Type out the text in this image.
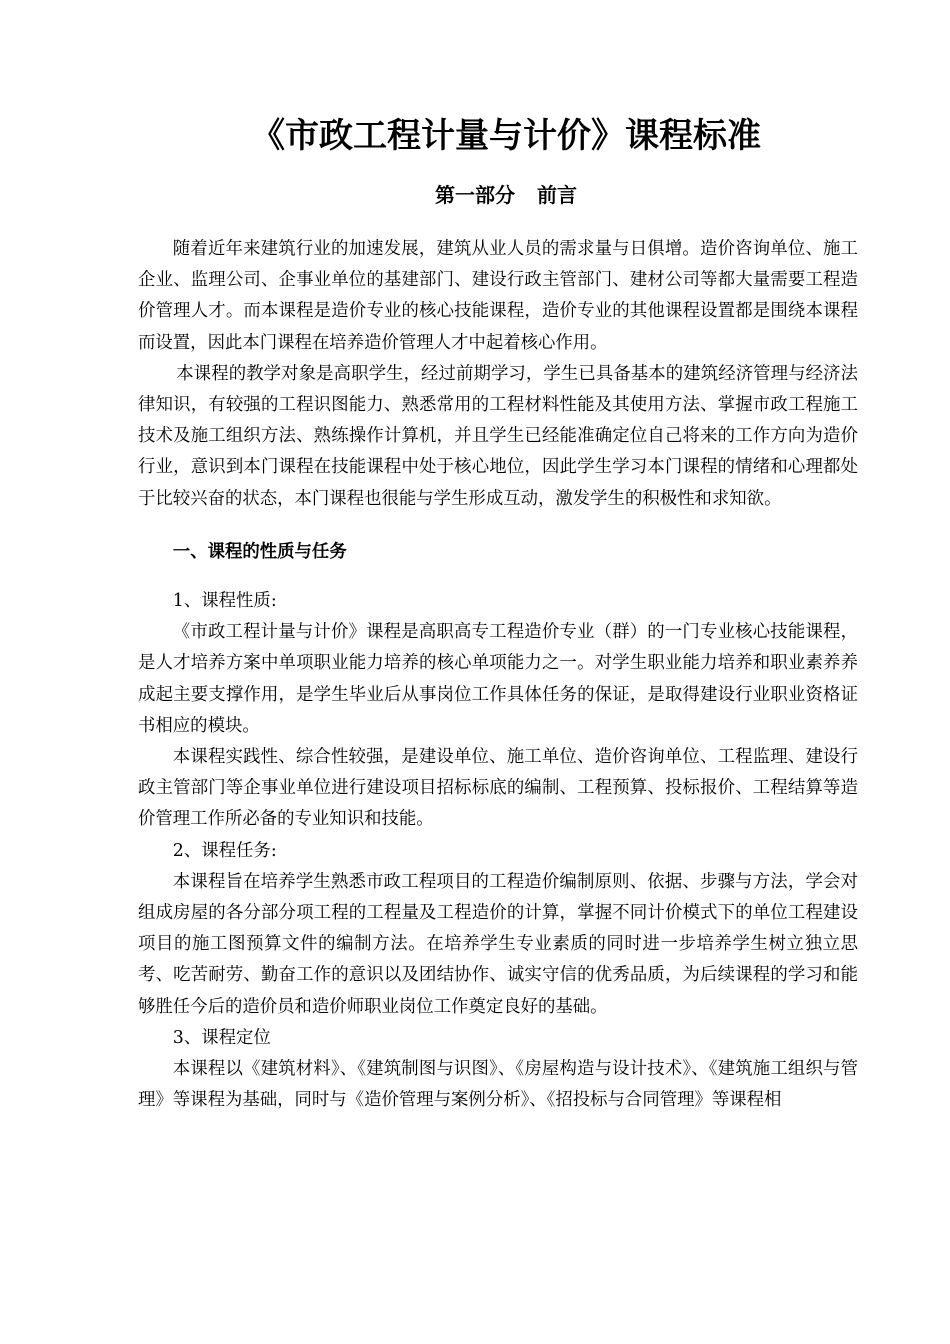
《市政工程计量与计价》课程标准
第一部分 前言

随着近年来建筑行业的加速发展，建筑从业人员的需求量与日俱增。造价咨询单位、施工企业、监理公司、企事业单位的基建部门、建设行政主管部门、建材公司等都大量需要工程造价管理人才。而本课程是造价专业的核心技能课程，造价专业的其他课程设置都是围绕本课程而设置，因此本门课程在培养造价管理人才中起着核心作用。

本课程的教学对象是高职学生，经过前期学习，学生已具备基本的建筑经济管理与经济法律知识，有较强的工程识图能力、熟悉常用的工程材料性能及其使用方法、掌握市政工程施工技术及施工组织方法、熟练操作计算机，并且学生已经能准确定位自己将来的工作方向为造价行业，意识到本门课程在技能课程中处于核心地位，因此学生学习本门课程的情绪和心理都处于比较兴奋的状态，本门课程也很能与学生形成互动，激发学生的积极性和求知欲。

一、课程的性质与任务

1、课程性质:

《市政工程计量与计价》课程是高职高专工程造价专业（群）的一门专业核心技能课程，是人才培养方案中单项职业能力培养的核心单项能力之一。对学生职业能力培养和职业素养养成起主要支撑作用，是学生毕业后从事岗位工作具体任务的保证，是取得建设行业职业资格证书相应的模块。

本课程实践性、综合性较强，是建设单位、施工单位、造价咨询单位、工程监理、建设行政主管部门等企事业单位进行建设项目招标标底的编制、工程预算、投标报价、工程结算等造价管理工作所必备的专业知识和技能。

2、课程任务:

本课程旨在培养学生熟悉市政工程项目的工程造价编制原则、依据、步骤与方法，学会对组成房屋的各分部分项工程的工程量及工程造价的计算，掌握不同计价模式下的单位工程建设项目的施工图预算文件的编制方法。在培养学生专业素质的同时进一步培养学生树立独立思考、吃苦耐劳、勤奋工作的意识以及团结协作、诚实守信的优秀品质，为后续课程的学习和能够胜任今后的造价员和造价师职业岗位工作奠定良好的基础。

3、课程定位

本课程以《建筑材料》、《建筑制图与识图》、《房屋构造与设计技术》、《建筑施工组织与管理》等课程为基础，同时与《造价管理与案例分析》、《招投标与合同管理》等课程相
